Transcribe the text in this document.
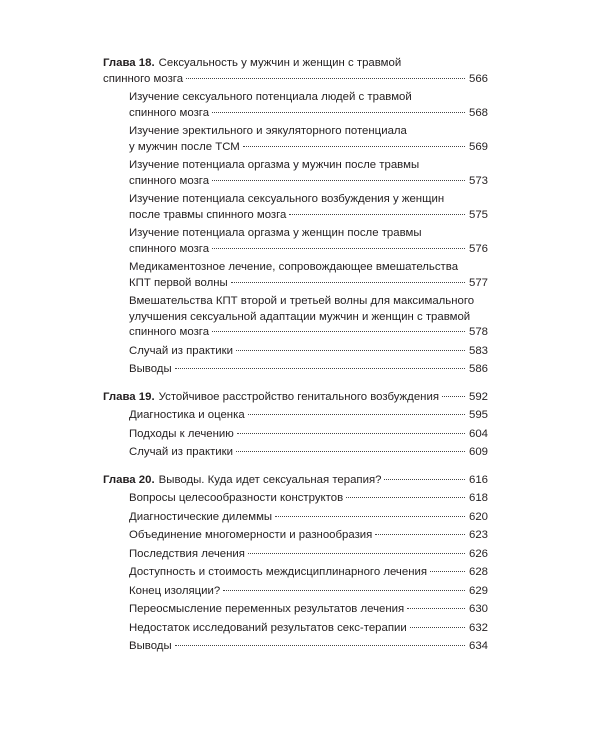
Глава 18. Сексуальность у мужчин и женщин с травмой
спинного мозга	566
Изучение сексуального потенциала людей с травмой
спинного мозга	568
Изучение эректильного и эякуляторного потенциала
у мужчин после ТСМ	569
Изучение потенциала оргазма у мужчин после травмы
спинного мозга	573
Изучение потенциала сексуального возбуждения у женщин
после травмы спинного мозга	575
Изучение потенциала оргазма у женщин после травмы
спинного мозга	576
Медикаментозное лечение, сопровождающее вмешательства
КПТ первой волны	577
Вмешательства КПТ второй и третьей волны для максимального
улучшения сексуальной адаптации мужчин и женщин с травмой
спинного мозга	578
Случай из практики	583
Выводы	586
Глава 19. Устойчивое расстройство генитального возбуждения	592
Диагностика и оценка	595
Подходы к лечению	604
Случай из практики	609
Глава 20. Выводы. Куда идет сексуальная терапия?	616
Вопросы целесообразности конструктов	618
Диагностические дилеммы	620
Объединение многомерности и разнообразия	623
Последствия лечения	626
Доступность и стоимость междисциплинарного лечения	628
Конец изоляции?	629
Переосмысление переменных результатов лечения	630
Недостаток исследований результатов секс-терапии	632
Выводы	634
